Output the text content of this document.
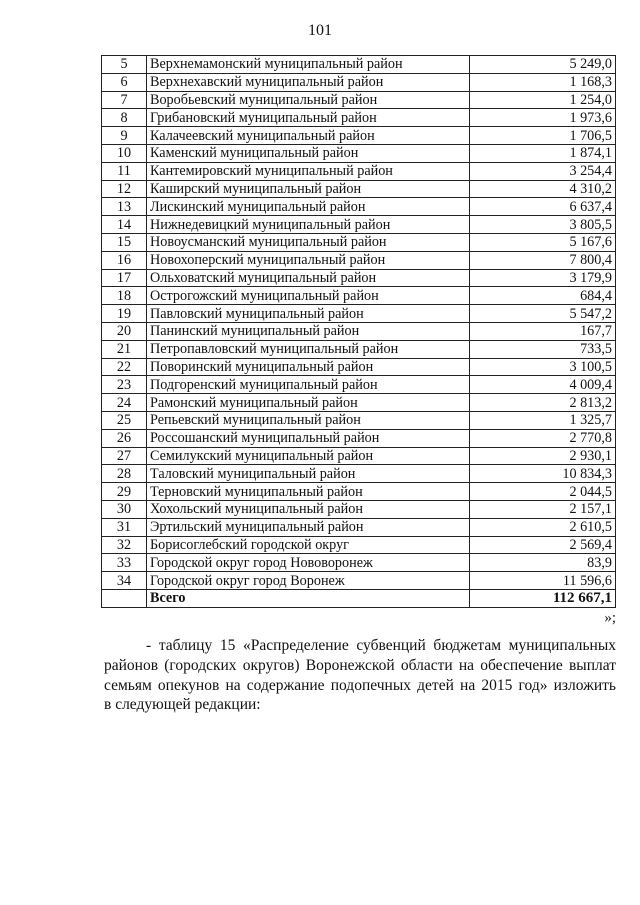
101
5	Верхнемамонский муниципальный район	5 249,0
6	Верхнехавский муниципальный район	1 168,3
7	Воробьевский муниципальный район	1 254,0
8	Грибановский муниципальный район	1 973,6
9	Калачеевский муниципальный район	1 706,5
10	Каменский муниципальный район	1 874,1
11	Кантемировский муниципальный район	3 254,4
12	Каширский муниципальный район	4 310,2
13	Лискинский муниципальный район	6 637,4
14	Нижнедевицкий муниципальный район	3 805,5
15	Новоусманский муниципальный район	5 167,6
16	Новохоперский муниципальный район	7 800,4
17	Ольховатский муниципальный район	3 179,9
18	Острогожский муниципальный район	684,4
19	Павловский муниципальный район	5 547,2
20	Панинский муниципальный район	167,7
21	Петропавловский муниципальный район	733,5
22	Поворинский муниципальный район	3 100,5
23	Подгоренский муниципальный район	4 009,4
24	Рамонский муниципальный район	2 813,2
25	Репьевский муниципальный район	1 325,7
26	Россошанский муниципальный район	2 770,8
27	Семилукский муниципальный район	2 930,1
28	Таловский муниципальный район	10 834,3
29	Терновский муниципальный район	2 044,5
30	Хохольский муниципальный район	2 157,1
31	Эртильский муниципальный район	2 610,5
32	Борисоглебский городской округ	2 569,4
33	Городской округ город Нововоронеж	83,9
34	Городской округ город Воронеж	11 596,6
	Всего	112 667,1
»;
- таблицу 15 «Распределение субвенций бюджетам муниципальных
районов (городских округов) Воронежской области на обеспечение выплат
семьям опекунов на содержание подопечных детей на 2015 год» изложить
в следующей редакции:
